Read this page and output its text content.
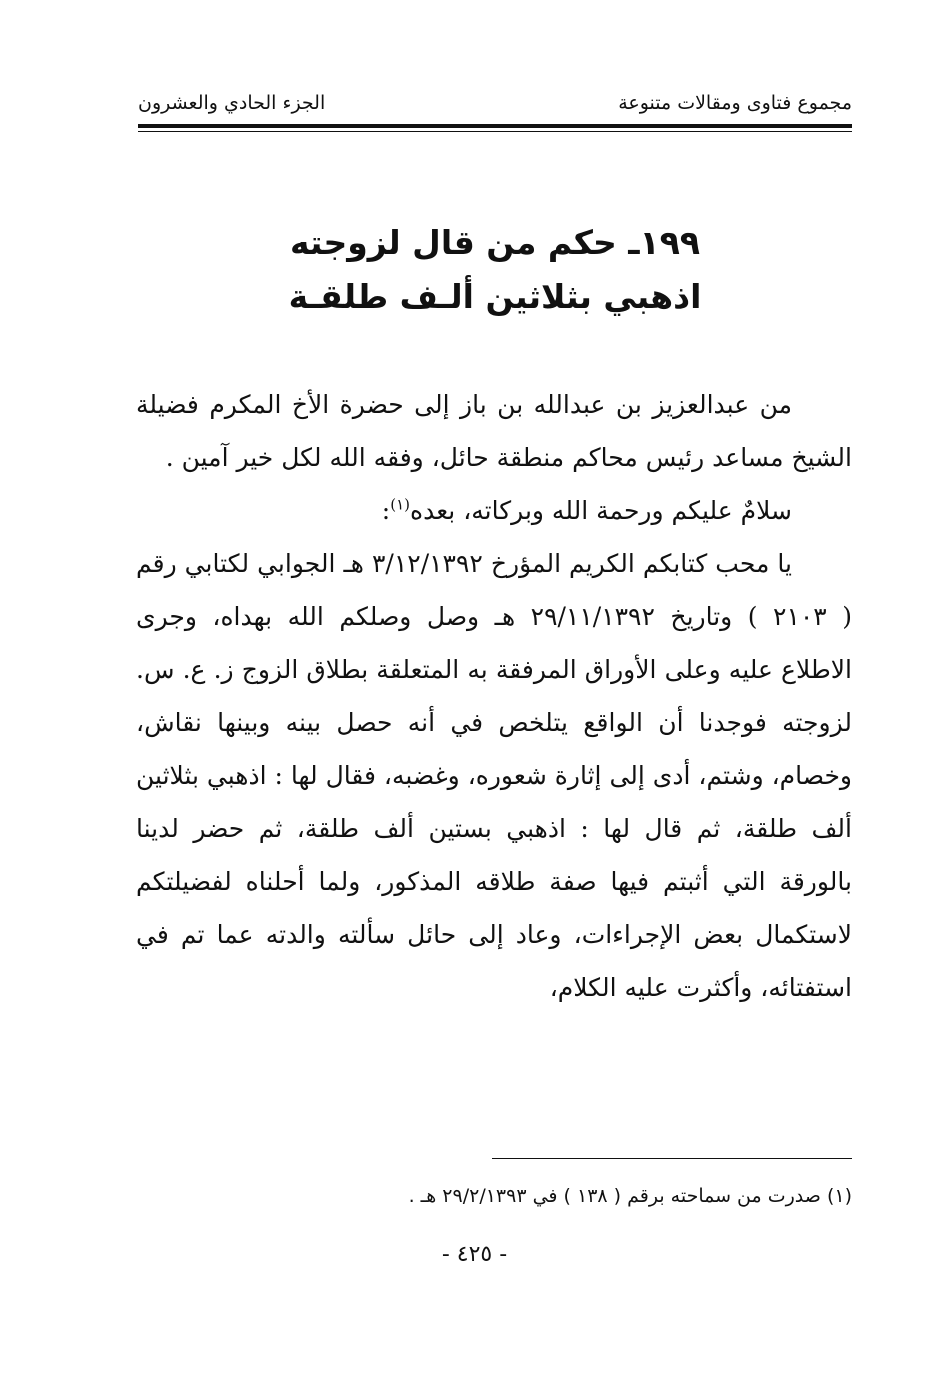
مجموع فتاوى ومقالات متنوعة
الجزء الحادي والعشرون
١٩٩ـ حكم من قال لزوجته
اذهبي بثلاثين ألـف طلقـة

من عبدالعزيز بن عبدالله بن باز إلى حضرة الأخ المكرم فضيلة الشيخ مساعد رئيس محاكم منطقة حائل، وفقه الله لكل خير آمين .

سلامٌ عليكم ورحمة الله وبركاته، بعده$^{(١)}$:

يا محب كتابكم الكريم المؤرخ ٣/١٢/١٣٩٢ هـ الجوابي لكتابي رقم ( ٢١٠٣ ) وتاريخ ٢٩/١١/١٣٩٢ هـ وصل وصلكم الله بهداه، وجرى الاطلاع عليه وعلى الأوراق المرفقة به المتعلقة بطلاق الزوج ز. ع. س. لزوجته فوجدنا أن الواقع يتلخص في أنه حصل بينه وبينها نقاش، وخصام، وشتم، أدى إلى إثارة شعوره، وغضبه، فقال لها : اذهبي بثلاثين ألف طلقة، ثم قال لها : اذهبي بستين ألف طلقة، ثم حضر لدينا بالورقة التي أثبتم فيها صفة طلاقه المذكور، ولما أحلناه لفضيلتكم لاستكمال بعض الإجراءات، وعاد إلى حائل سألته والدته عما تم في استفتائه، وأكثرت عليه الكلام،

(١) صدرت من سماحته برقم ( ١٣٨ ) في ٢٩/٢/١٣٩٣ هـ .
- ٤٢٥ -
